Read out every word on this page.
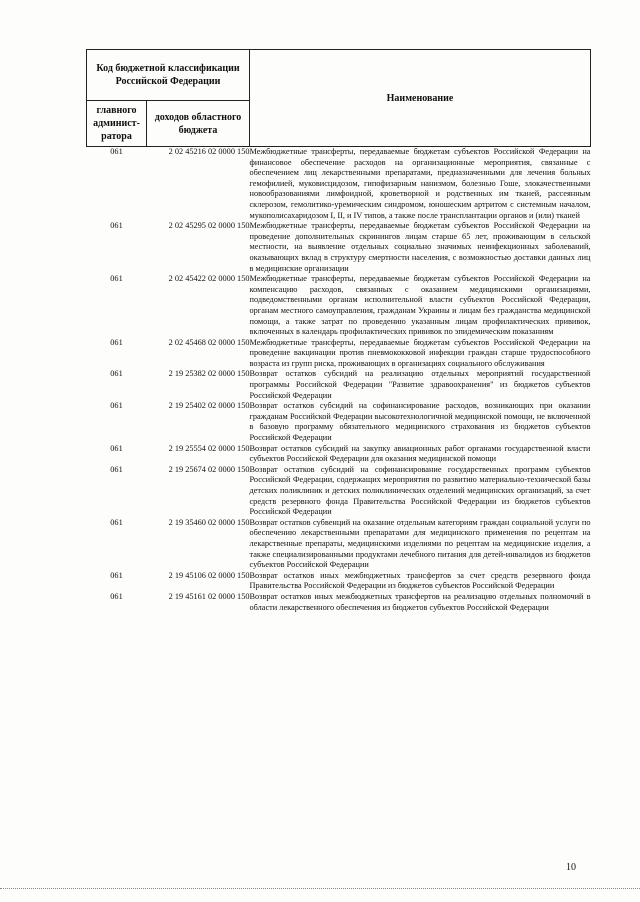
Код бюджетной классификации Российской Федерации		Наименование
главного админист-ратора	доходов областного бюджета	
061	2 02 45216 02 0000 150	Межбюджетные трансферты, передаваемые бюджетам субъектов Российской Федерации на финансовое обеспечение расходов на организационные мероприятия, связанные с обеспечением лиц лекарственными препаратами, предназначенными для лечения больных гемофилией, муковисцидозом, гипофизарным нанизмом, болезнью Гоше, злокачественными новообразованиями лимфоидной, кроветворной и родственных им тканей, рассеянным склерозом, гемолитико-уремическим синдромом, юношеским артритом с системным началом, мукополисахаридозом I, II, и IV типов, а также после трансплантации органов и (или) тканей
061	2 02 45295 02 0000 150	Межбюджетные трансферты, передаваемые бюджетам субъектов Российской Федерации на проведение дополнительных скринингов лицам старше 65 лет, проживающим в сельской местности, на выявление отдельных социально значимых неинфекционных заболеваний, оказывающих вклад в структуру смертности населения, с возможностью доставки данных лиц в медицинские организации
061	2 02 45422 02 0000 150	Межбюджетные трансферты, передаваемые бюджетам субъектов Российской Федерации на компенсацию расходов, связанных с оказанием медицинскими организациями, подведомственными органам исполнительной власти субъектов Российской Федерации, органам местного самоуправления, гражданам Украины и лицам без гражданства медицинской помощи, а также затрат по проведению указанным лицам профилактических прививок, включенных в календарь профилактических прививок по эпидемическим показаниям
061	2 02 45468 02 0000 150	Межбюджетные трансферты, передаваемые бюджетам субъектов Российской Федерации на проведение вакцинации против пневмококковой инфекции граждан старше трудоспособного возраста из групп риска, проживающих в организациях социального обслуживания
061	2 19 25382 02 0000 150	Возврат остатков субсидий на реализацию отдельных мероприятий государственной программы Российской Федерации "Развитие здравоохранения" из бюджетов субъектов Российской Федерации
061	2 19 25402 02 0000 150	Возврат остатков субсидий на софинансирование расходов, возникающих при оказании гражданам Российской Федерации высокотехнологичной медицинской помощи, не включенной в базовую программу обязательного медицинского страхования из бюджетов субъектов Российской Федерации
061	2 19 25554 02 0000 150	Возврат остатков субсидий на закупку авиационных работ органами государственной власти субъектов Российской Федерации для оказания медицинской помощи
061	2 19 25674 02 0000 150	Возврат остатков субсидий на софинансирование государственных программ субъектов Российской Федерации, содержащих мероприятия по развитию материально-технической базы детских поликлиник и детских поликлинических отделений медицинских организаций, за счет средств резервного фонда Правительства Российской Федерации из бюджетов субъектов Российской Федерации
061	2 19 35460 02 0000 150	Возврат остатков субвенций на оказание отдельным категориям граждан социальной услуги по обеспечению лекарственными препаратами для медицинского применения по рецептам на лекарственные препараты, медицинскими изделиями по рецептам на медицинские изделия, а также специализированными продуктами лечебного питания для детей-инвалидов из бюджетов субъектов Российской Федерации
061	2 19 45106 02 0000 150	Возврат остатков иных межбюджетных трансфертов за счет средств резервного фонда Правительства Российской Федерации из бюджетов субъектов Российской Федерации
061	2 19 45161 02 0000 150	Возврат остатков иных межбюджетных трансфертов на реализацию отдельных полномочий в области лекарственного обеспечения из бюджетов субъектов Российской Федерации
10
